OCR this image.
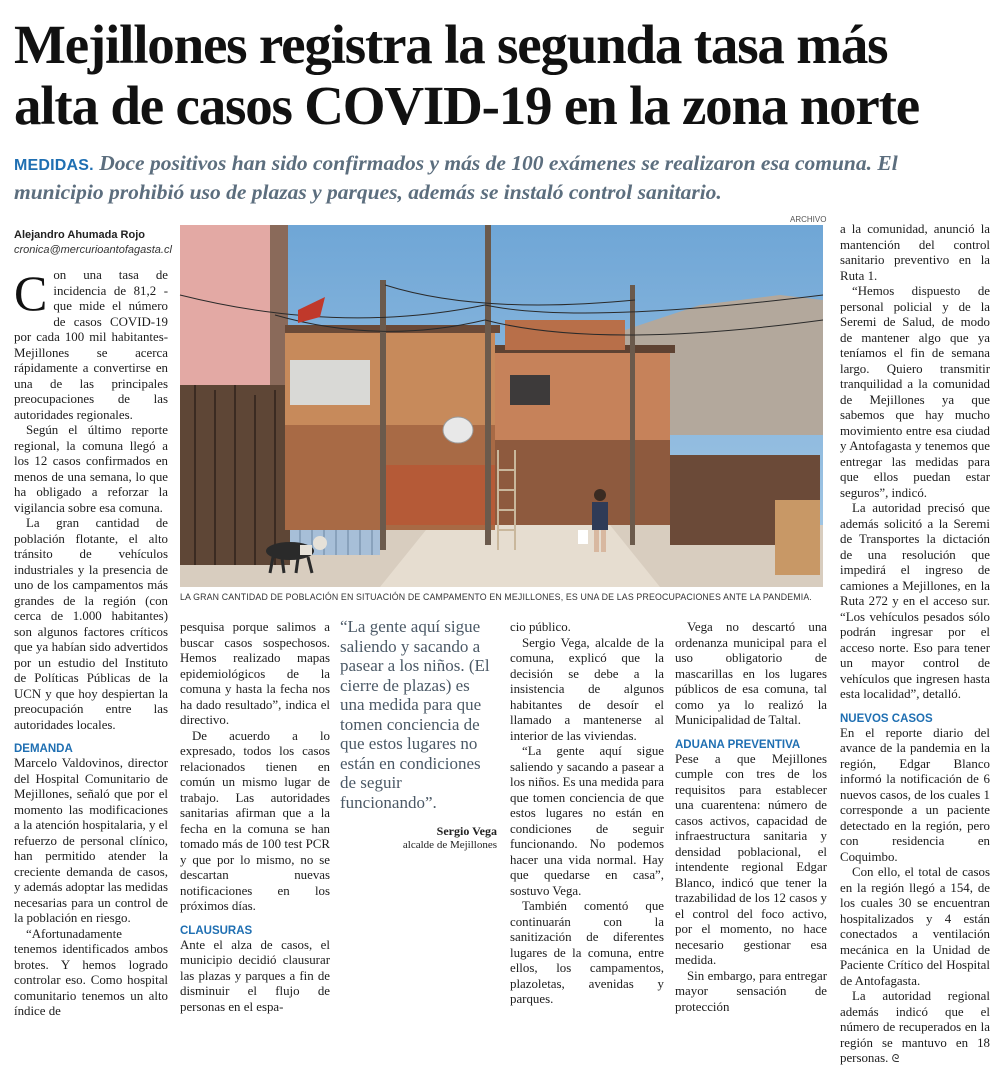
Mejillones registra la segunda tasa más
alta de casos COVID-19 en la zona norte
MEDIDAS. Doce positivos han sido confirmados y más de 100 exámenes se realizaron esa comuna. El municipio prohibió uso de plazas y parques, además se instaló control sanitario.
Alejandro Ahumada Rojo
cronica@mercurioantofagasta.cl
ARCHIVO
LA GRAN CANTIDAD DE POBLACIÓN EN SITUACIÓN DE CAMPAMENTO EN MEJILLONES, ES UNA DE LAS PREOCUPACIONES ANTE LA PANDEMIA.
C on una tasa de incidencia de 81,2 -que mide el número de casos COVID-19 por cada 100 mil habitantes- Mejillones se acerca rápidamente a convertirse en una de las principales preocupaciones de las autoridades regionales.

Según el último reporte regional, la comuna llegó a los 12 casos confirmados en menos de una semana, lo que ha obligado a reforzar la vigilancia sobre esa comuna.

La gran cantidad de población flotante, el alto tránsito de vehículos industriales y la presencia de uno de los campamentos más grandes de la región (con cerca de 1.000 habitantes) son algunos factores críticos que ya habían sido advertidos por un estudio del Instituto de Políticas Públicas de la UCN y que hoy despiertan la preocupación entre las autoridades locales.

DEMANDA

Marcelo Valdovinos, director del Hospital Comunitario de Mejillones, señaló que por el momento las modificaciones a la atención hospitalaria, y el refuerzo de personal clínico, han permitido atender la creciente demanda de casos, y además adoptar las medidas necesarias para un control de la población en riesgo.

“Afortunadamente tenemos identificados ambos brotes. Y hemos logrado controlar eso. Como hospital comunitario tenemos un alto índice de

pesquisa porque salimos a buscar casos sospechosos. Hemos realizado mapas epidemiológicos de la comuna y hasta la fecha nos ha dado resultado”, indica el directivo.

De acuerdo a lo expresado, todos los casos relacionados tienen en común un mismo lugar de trabajo. Las autoridades sanitarias afirman que a la fecha en la comuna se han tomado más de 100 test PCR y que por lo mismo, no se descartan nuevas notificaciones en los próximos días.

CLAUSURAS

Ante el alza de casos, el municipio decidió clausurar las plazas y parques a fin de disminuir el flujo de personas en el espa-

“La gente aquí sigue saliendo y sacando a pasear a los niños. (El cierre de plazas) es una medida para que tomen conciencia de que estos lugares no están en condiciones de seguir funcionando”.
Sergio Vega
alcalde de Mejillones

cio público.

Sergio Vega, alcalde de la comuna, explicó que la decisión se debe a la insistencia de algunos habitantes de desoír el llamado a mantenerse al interior de las viviendas.

“La gente aquí sigue saliendo y sacando a pasear a los niños. Es una medida para que tomen conciencia de que estos lugares no están en condiciones de seguir funcionando. No podemos hacer una vida normal. Hay que quedarse en casa”, sostuvo Vega.

También comentó que continuarán con la sanitización de diferentes lugares de la comuna, entre ellos, los campamentos, plazoletas, avenidas y parques.

Vega no descartó una ordenanza municipal para el uso obligatorio de mascarillas en los lugares públicos de esa comuna, tal como ya lo realizó la Municipalidad de Taltal.

ADUANA PREVENTIVA

Pese a que Mejillones cumple con tres de los requisitos para establecer una cuarentena: número de casos activos, capacidad de infraestructura sanitaria y densidad poblacional, el intendente regional Edgar Blanco, indicó que tener la trazabilidad de los 12 casos y el control del foco activo, por el momento, no hace necesario gestionar esa medida.

Sin embargo, para entregar mayor sensación de protección

a la comunidad, anunció la mantención del control sanitario preventivo en la Ruta 1.

“Hemos dispuesto de personal policial y de la Seremi de Salud, de modo de mantener algo que ya teníamos el fin de semana largo. Quiero transmitir tranquilidad a la comunidad de Mejillones ya que sabemos que hay mucho movimiento entre esa ciudad y Antofagasta y tenemos que entregar las medidas para que ellos puedan estar seguros”, indicó.

La autoridad precisó que además solicitó a la Seremi de Transportes la dictación de una resolución que impedirá el ingreso de camiones a Mejillones, en la Ruta 272 y en el acceso sur. “Los vehículos pesados sólo podrán ingresar por el acceso norte. Eso para tener un mayor control de vehículos que ingresen hasta esta localidad”, detalló.

NUEVOS CASOS

En el reporte diario del avance de la pandemia en la región, Edgar Blanco informó la notificación de 6 nuevos casos, de los cuales 1 corresponde a un paciente detectado en la región, pero con residencia en Coquimbo.

Con ello, el total de casos en la región llegó a 154, de los cuales 30 se encuentran hospitalizados y 4 están conectados a ventilación mecánica en la Unidad de Paciente Crítico del Hospital de Antofagasta.

La autoridad regional además indicó que el número de recuperados en la región se mantuvo en 18 personas. ᘓ
